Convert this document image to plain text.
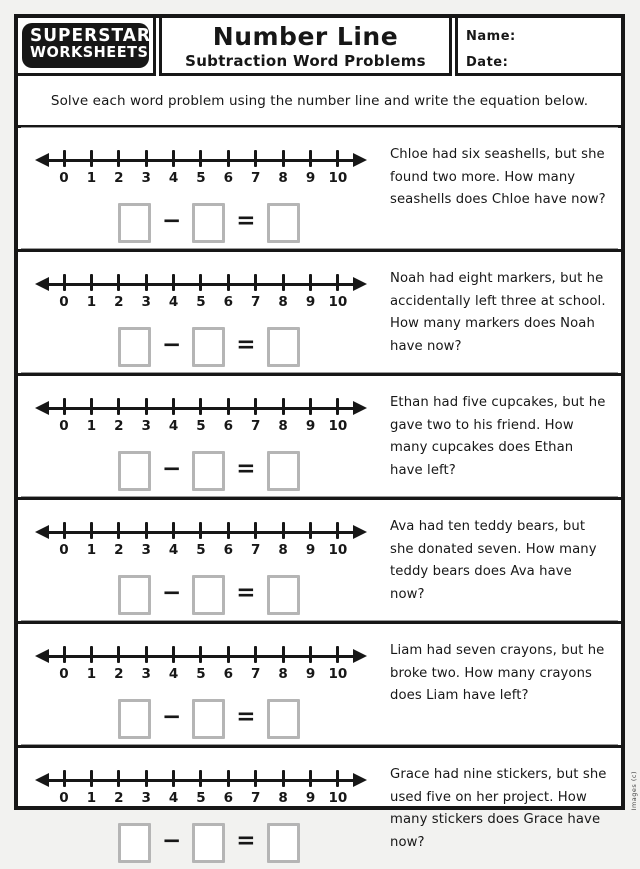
SUPERSTAR
WORKSHEETS
Number Line
Subtraction Word Problems
Name:
Date:
Solve each word problem using the number line and write the equation below.
0 1 2 3 4 5 6 7 8 9 10
− =

Chloe had six seashells, but she found two more. How many seashells does Chloe have now?

0 1 2 3 4 5 6 7 8 9 10
− =

Noah had eight markers, but he accidentally left three at school. How many markers does Noah have now?

0 1 2 3 4 5 6 7 8 9 10
− =

Ethan had five cupcakes, but he gave two to his friend. How many cupcakes does Ethan have left?

0 1 2 3 4 5 6 7 8 9 10
− =

Ava had ten teddy bears, but she donated seven. How many teddy bears does Ava have now?

0 1 2 3 4 5 6 7 8 9 10
− =

Liam had seven crayons, but he broke two. How many crayons does Liam have left?

0 1 2 3 4 5 6 7 8 9 10
− =

Grace had nine stickers, but she used five on her project. How many stickers does Grace have now?

Images (c)
